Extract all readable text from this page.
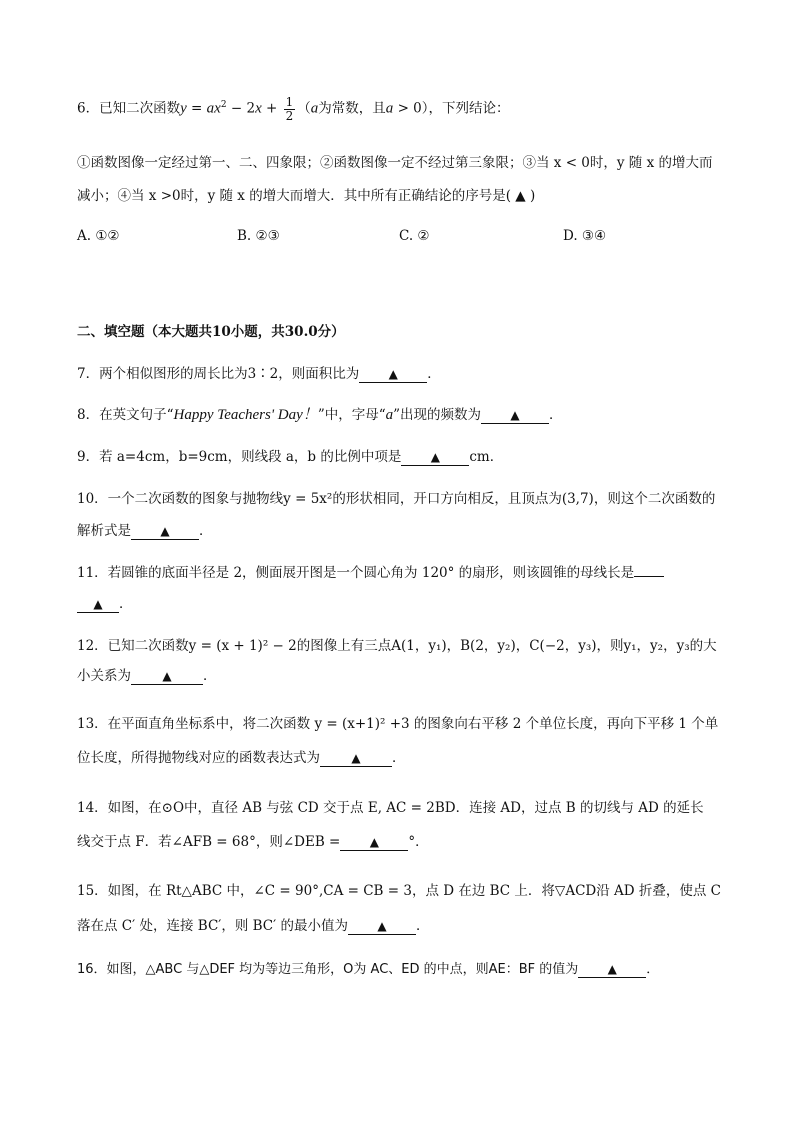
6．已知二次函数$y = ax^2 - 2x + \frac{1}{2} (a$为常数，且a > 0），下列结论：
①函数图像一定经过第一、二、四象限；②函数图像一定不经过第三象限；③当 x < 0时，y 随 x 的增大而
减小；④当 x >0时，y 随 x 的增大而增大．其中所有正确结论的序号是( ▲ )
A. ①②	B. ②③	C. ②	D. ③④
二、填空题（本大题共10小题，共30.0分）
7．两个相似图形的周长比为3∶2，则面积比为 ▲ ．
8．在英文句子“Happy Teachers' Day！”中，字母“a”出现的频数为 ▲ ．
9．若 a=4cm，b=9cm，则线段 a，b 的比例中项是 ▲ cm．
10．一个二次函数的图象与抛物线y = 5x²的形状相同，开口方向相反，且顶点为(3,7)，则这个二次函数的
解析式是 ▲ ．
11．若圆锥的底面半径是 2，侧面展开图是一个圆心角为 120° 的扇形，则该圆锥的母线长是
▲ ．
12．已知二次函数y = (x + 1)² − 2的图像上有三点A(1，y₁)，B(2，y₂)，C(−2，y₃)，则y₁，y₂，y₃的大
小关系为	▲ ．
13．在平面直角坐标系中，将二次函数 y = (x+1)² +3 的图象向右平移 2 个单位长度，再向下平移 1 个单
位长度，所得抛物线对应的函数表达式为	▲ ．
14．如图，在⊙O中，直径 AB 与弦 CD 交于点 E, AC = 2BD．连接 AD，过点 B 的切线与 AD 的延长
线交于点 F．若∠AFB = 68°，则∠DEB = ▲ °．
15．如图，在 Rt△ABC 中，∠C = 90°,CA = CB = 3，点 D 在边 BC 上．将▽ACD沿 AD 折叠，使点 C
落在点 C′ 处，连接 BC′，则 BC′ 的最小值为 ▲ ．
16．如图，△ABC 与△DEF 均为等边三角形，O为 AC、ED 的中点，则AE：BF 的值为 ▲ ．
